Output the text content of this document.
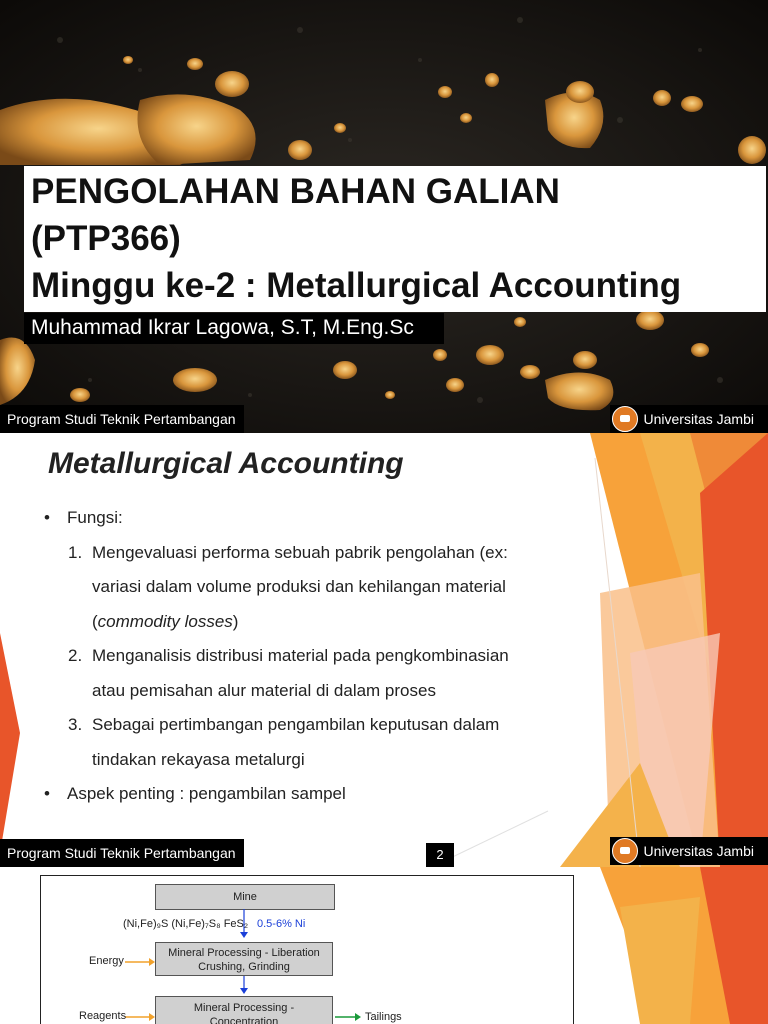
PENGOLAHAN BAHAN GALIAN
(PTP366)
Minggu ke-2 : Metallurgical Accounting
Muhammad Ikrar Lagowa, S.T, M.Eng.Sc
Program Studi Teknik Pertambangan	Universitas Jambi
Metallurgical Accounting
• Fungsi:
1. Mengevaluasi performa sebuah pabrik pengolahan (ex:
variasi dalam volume produksi dan kehilangan material
(commodity losses)
2. Menganalisis distribusi material pada pengkombinasian
atau pemisahan alur material di dalam proses
3. Sebagai pertimbangan pengambilan keputusan dalam
tindakan rekayasa metalurgi
• Aspek penting : pengambilan sampel
Program Studi Teknik Pertambangan	2	Universitas Jambi
Mine
(Ni,Fe)₉S (Ni,Fe)₇S₈ FeS₂ 0.5-6% Ni
Energy
Mineral Processing - Liberation
Crushing, Grinding
Reagents
Mineral Processing -
Concentration	Tailings
